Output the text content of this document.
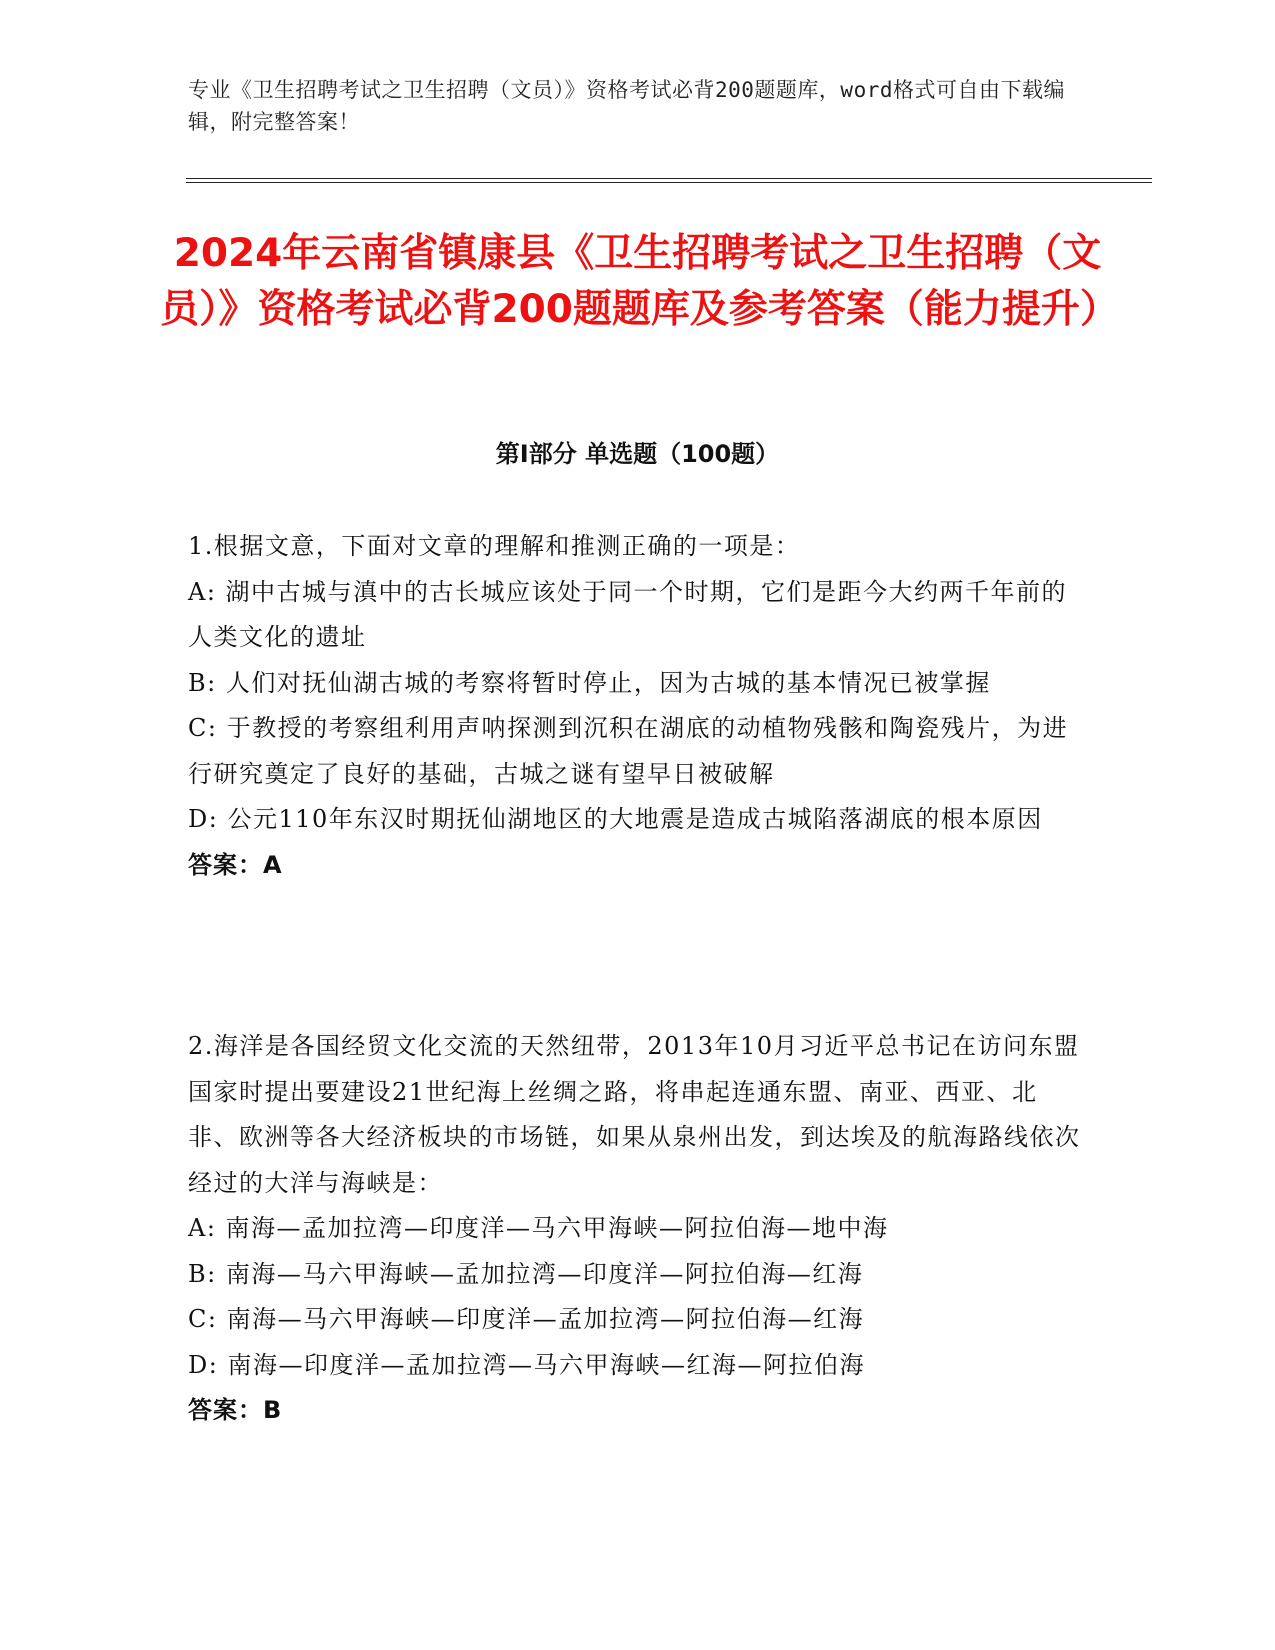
专业《卫生招聘考试之卫生招聘（文员）》资格考试必背200题题库，word格式可自由下载编辑，附完整答案！

2024年云南省镇康县《卫生招聘考试之卫生招聘（文员）》资格考试必背200题题库及参考答案（能力提升）
第Ⅰ部分 单选题（100题）

1.根据文意，下面对文章的理解和推测正确的一项是：

A: 湖中古城与滇中的古长城应该处于同一个时期，它们是距今大约两千年前的人类文化的遗址

B: 人们对抚仙湖古城的考察将暂时停止，因为古城的基本情况已被掌握

C: 于教授的考察组利用声呐探测到沉积在湖底的动植物残骸和陶瓷残片，为进行研究奠定了良好的基础，古城之谜有望早日被破解

D: 公元110年东汉时期抚仙湖地区的大地震是造成古城陷落湖底的根本原因

答案：A

2.海洋是各国经贸文化交流的天然纽带，2013年10月习近平总书记在访问东盟国家时提出要建设21世纪海上丝绸之路，将串起连通东盟、南亚、西亚、北非、欧洲等各大经济板块的市场链，如果从泉州出发，到达埃及的航海路线依次经过的大洋与海峡是：

A: 南海—孟加拉湾—印度洋—马六甲海峡—阿拉伯海—地中海

B: 南海—马六甲海峡—孟加拉湾—印度洋—阿拉伯海—红海

C: 南海—马六甲海峡—印度洋—孟加拉湾—阿拉伯海—红海

D: 南海—印度洋—孟加拉湾—马六甲海峡—红海—阿拉伯海

答案：B
